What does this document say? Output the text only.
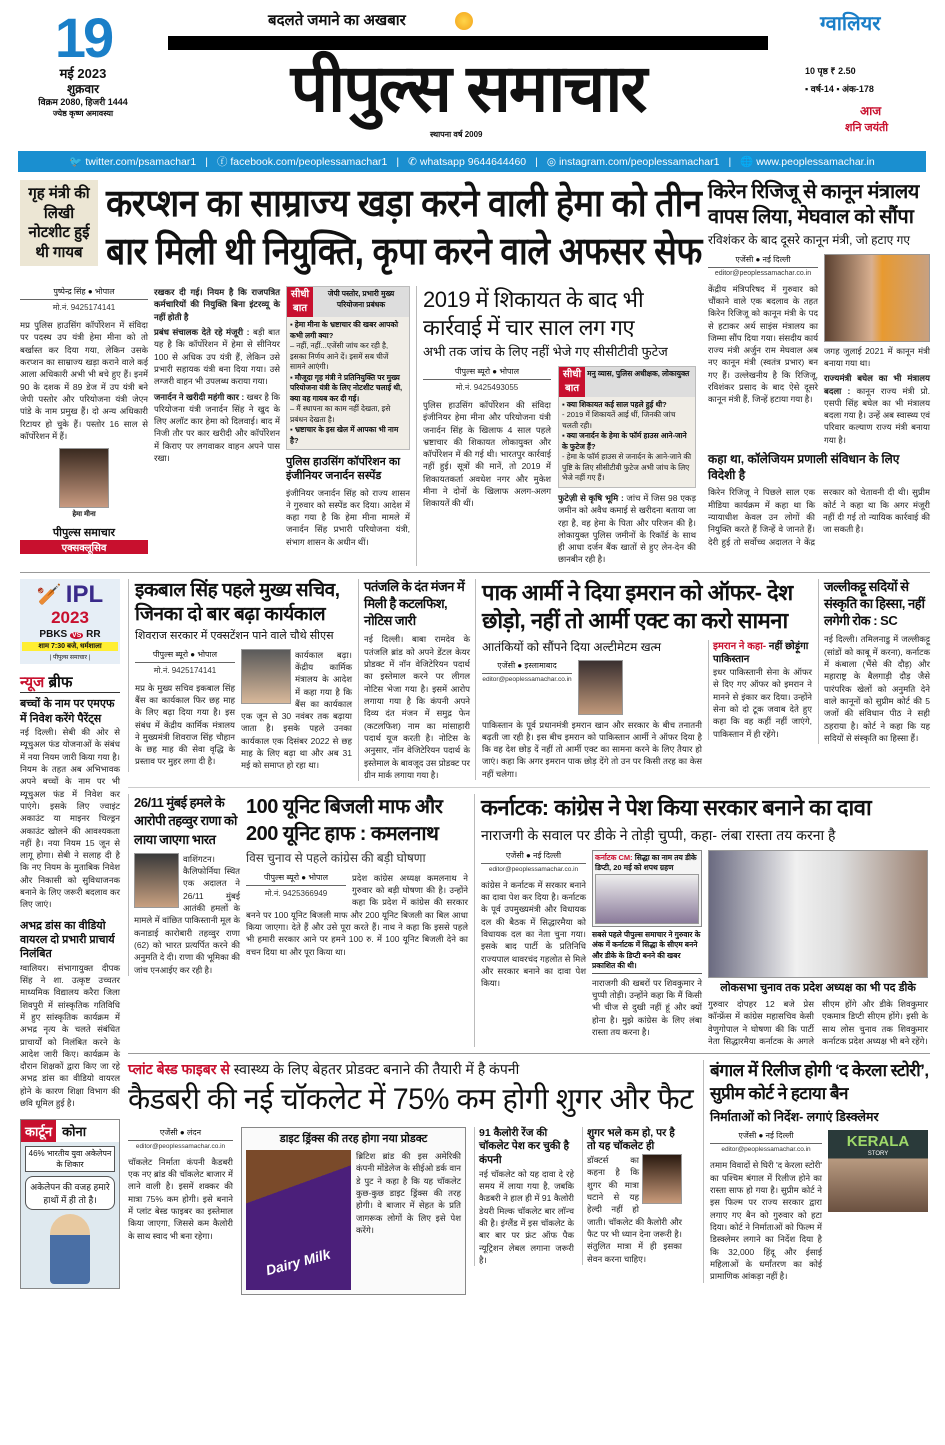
19
मई 2023
शुक्रवार
विक्रम 2080, हिजरी 1444
ज्येष्ठ कृष्ण अमावस्या
बदलते जमाने का अखबार
पीपुल्स समाचार
स्थापना वर्ष 2009
ग्वालियर
10 पृष्ठ ₹ 2.50
▪ वर्ष-14 ▪ अंक-178
आज
शनि जयंती
🐦 twitter.com/psamachar1 | ⓕ facebook.com/peoplessamachar1 | ✆ whatsapp 9644644460 | ◎ instagram.com/peoplessamachar1 | 🌐 www.peoplessamachar.in
गृह मंत्री की लिखी नोटशीट हुई थी गायब
करप्शन का साम्राज्य खड़ा करने वाली हेमा को तीन
बार मिली थी नियुक्ति, कृपा करने वाले अफसर सेफ
पुष्पेन्द्र सिंह ● भोपाल
मो.नं. 9425174141
मप्र पुलिस हाउसिंग कॉर्पोरेशन में संविदा पर पदस्थ उप यंत्री हेमा मीना को तो बर्खास्त कर दिया गया, लेकिन उसके करप्शन का साम्राज्य खड़ा कराने वाले कई आला अधिकारी अभी भी बचे हुए हैं। इनमें 90 के दशक में 89 डेज में उप यंत्री बने जेपी पस्तोर और परियोजना यंत्री जेएन पांडे के नाम प्रमुख हैं। दो अन्य अधिकारी रिटायर हो चुके हैं। पस्तोर 16 साल से कॉर्पोरेशन में हैं।
हेमा मीना
पीपुल्स समाचार
एक्सक्लूसिव
रखकर दी गई। नियम है कि राजपत्रित कर्मचारियों की नियुक्ति बिना इंटरव्यू के नहीं होती है
प्रबंध संचालक देते रहे मंजूरी : बड़ी बात यह है कि कॉर्पोरेशन में हेमा से सीनियर 100 से अधिक उप यंत्री हैं, लेकिन उसे प्रभारी सहायक यंत्री बना दिया गया। उसे लग्जरी वाहन भी उपलब्ध कराया गया।
जनार्दन ने खरीदी महंगी कार : खबर है कि परियोजना यंत्री जनार्दन सिंह ने खुद के लिए अलॉट कार हेमा को दिलवाई। बाद में निजी तौर पर कार खरीदी और कॉर्पोरेशन में किराए पर लगवाकर वाहन अपने पास रखा।
सीधी
बात
जेपी पस्तोर, प्रभारी मुख्य परियोजना प्रबंधक
▪ हेमा मीना के भ्रष्टाचार की खबर आपको कभी लगी क्या?
– नहीं, नहीं...एजेंसी जांच कर रही है, इसका निर्णय आने दें। इसमें सब चीजें सामने आएंगी।
▪ मौजूदा गृह मंत्री ने प्रतिनियुक्ति पर मुख्य परियोजना यंत्री के लिए नोटशीट चलाई थी, क्या वह गायब कर दी गई।
– मैं स्थापना का काम नहीं देखता, इसे प्रबंधन देखता है।
▪ भ्रष्टाचार के इस खेल में आपका भी नाम है?
पुलिस हाउसिंग कॉर्पोरेशन का इंजीनियर जनार्दन सस्पेंड
इंजीनियर जनार्दन सिंह को राज्य शासन ने गुरुवार को सस्पेंड कर दिया। आदेश में कहा गया है कि हेमा मीना मामले में जनार्दन सिंह प्रभारी परियोजना यंत्री, संभाग शासन के अधीन थीं।
2019 में शिकायत के बाद भी कार्रवाई में चार साल लग गए
अभी तक जांच के लिए नहीं भेजे गए सीसीटीवी फुटेज
पीपुल्स ब्यूरो ● भोपाल
मो.नं. 9425493055
पुलिस हाउसिंग कॉर्पोरेशन की संविदा इंजीनियर हेमा मीना और परियोजना यंत्री जनार्दन सिंह के खिलाफ 4 साल पहले भ्रष्टाचार की शिकायत लोकायुक्त और कॉर्पोरेशन में की गई थी। भारतपुर कार्रवाई नहीं हुई। सूत्रों की मानें, तो 2019 में शिकायतकर्ता अवधेश नगर और मुकेश मीना ने दोनों के खिलाफ अलग-अलग शिकायतें की थीं।
सीधी
बात
मनु व्यास, पुलिस अधीक्षक, लोकायुक्त
▪ क्या शिकायत कई साल पहले हुई थी?
- 2019 में शिकायतें आई थीं, जिनकी जांच चलती रही।
▪ क्या जनार्दन के हेमा के फॉर्म हाउस आने-जाने के फुटेज हैं?
- हेमा के फॉर्म हाउस से जनार्दन के आने-जाने की पुष्टि के लिए सीसीटीवी फुटेज अभी जांच के लिए भेजे नहीं गए हैं।
फुटेज़ी से कृषि भूमि : जांच में जिस 98 एकड़ जमीन को अवैध कमाई से खरीदना बताया जा रहा है, वह हेमा के पिता और परिजन की है। लोकायुक्त पुलिस जमीनों के रिकॉर्ड के साथ ही आधा दर्जन बैंक खातों से हुए लेन-देन की छानबीन रही है।
किरेन रिजिजू से कानून मंत्रालय वापस लिया, मेघवाल को सौंपा
रविशंकर के बाद दूसरे कानून मंत्री, जो हटाए गए
एजेंसी ● नई दिल्ली
editor@peoplessamachar.co.in
केंद्रीय मंत्रिपरिषद में गुरुवार को चौंकाने वाले एक बदलाव के तहत किरेन रिजिजू को कानून मंत्री के पद से हटाकर अर्थ साइंस मंत्रालय का जिम्मा सौंप दिया गया। संसदीय कार्य राज्य मंत्री अर्जुन राम मेघवाल अब नए कानून मंत्री (स्वतंत्र प्रभार) बन गए हैं। उल्लेखनीय है कि रिजिजू, रविशंकर प्रसाद के बाद ऐसे दूसरे कानून मंत्री हैं, जिन्हें हटाया गया है।
जगह जुलाई 2021 में कानून मंत्री बनाया गया था।
राज्यमंत्री बघेल का भी मंत्रालय बदला : कानून राज्य मंत्री प्रो. एसपी सिंह बघेल का भी मंत्रालय बदला गया है। उन्हें अब स्वास्थ्य एवं परिवार कल्याण राज्य मंत्री बनाया गया है।
कहा था, कॉलेजियम प्रणाली संविधान के लिए विदेशी है
किरेन रिजिजू ने पिछले साल एक मीडिया कार्यक्रम में कहा था कि न्यायाधीश केवल उन लोगों की नियुक्ति करते हैं जिन्हें वे जानते हैं। देरी हुई तो सर्वोच्च अदालत ने केंद्र सरकार को चेतावनी दी थी। सुप्रीम कोर्ट ने कहा था कि अगर मंजूरी नहीं दी गई तो न्यायिक कार्रवाई की जा सकती है।
🏏 IPL
2023
PBKS VS RR
शाम 7:30 बजे, धर्मशाला
| पीपुल्स समाचार |
न्यूज ब्रीफ
बच्चों के नाम पर एमएफ में निवेश करेंगे पैरेंट्स
नई दिल्ली। सेबी की ओर से म्यूचुअल फंड योजनाओं के संबंध में नया नियम जारी किया गया है। नियम के तहत अब अभिभावक अपने बच्चों के नाम पर भी म्यूचुअल फंड में निवेश कर पाएंगे। इसके लिए ज्वाइंट अकाउंट या माइनर चिल्ड्रन अकाउंट खोलने की आवश्यकता नहीं है। नया नियम 15 जून से लागू होगा। सेबी ने सलाह दी है कि नए नियम के मुताबिक निवेश और निकासी को सुविधाजनक बनाने के लिए जरूरी बदलाव कर लिए जाएं।
अभद्र डांस का वीडियो वायरल दो प्रभारी प्राचार्य निलंबित
ग्वालियर। संभागायुक्त दीपक सिंह ने शा. उत्कृष्ट उच्चतर माध्यमिक विद्यालय करैरा जिला शिवपुरी में सांस्कृतिक गतिविधि में हुए सांस्कृतिक कार्यक्रम में अभद्र नृत्य के चलते संबंधित प्राचार्यों को निलंबित करने के आदेश जारी किए। कार्यक्रम के दौरान शिक्षकों द्वारा किए जा रहे अभद्र डांस का वीडियो वायरल होने के कारण शिक्षा विभाग की छवि धूमिल हुई है।
कार्टून कोना
46% भारतीय युवा अकेलेपन के शिकार
अकेलेपन की वजह हमारे हाथों में ही तो है।
इकबाल सिंह पहले मुख्य सचिव, जिनका दो बार बढ़ा कार्यकाल
शिवराज सरकार में एक्सटेंशन पाने वाले चौथे सीएस
पीपुल्स ब्यूरो ● भोपाल
मो.नं. 9425174141
मप्र के मुख्य सचिव इकबाल सिंह बैंस का कार्यकाल फिर छह माह के लिए बढ़ा दिया गया है। इस संबंध में केंद्रीय कार्मिक मंत्रालय ने मुख्यमंत्री शिवराज सिंह चौहान के छह माह की सेवा वृद्धि के प्रस्ताव पर मुहर लगा दी है।
कार्यकाल बढ़ा। केंद्रीय कार्मिक मंत्रालय के आदेश में कहा गया है कि बैंस का कार्यकाल एक जून से 30 नवंबर तक बढ़ाया जाता है। इसके पहले उनका कार्यकाल एक दिसंबर 2022 से छह माह के लिए बढ़ा था और अब 31 मई को समाप्त हो रहा था।
पतंजलि के दंत मंजन में मिली है कटलफिश, नोटिस जारी
नई दिल्ली। बाबा रामदेव के पतंजलि ब्रांड को अपने डेंटल केयर प्रोडक्ट में नॉन वेजिटेरियन पदार्थ का इस्तेमाल करने पर लीगल नोटिस भेजा गया है। इसमें आरोप लगाया गया है कि कंपनी अपने दिव्य दंत मंजन में समुद्र फेन (कटलफिश) नाम का मांसाहारी पदार्थ यूज करती है। नोटिस के अनुसार, नॉन वेजिटेरियन पदार्थ के इस्तेमाल के बावजूद उस प्रोडक्ट पर ग्रीन मार्क लगाया गया है।
पाक आर्मी ने दिया इमरान को ऑफर- देश छोड़ो, नहीं तो आर्मी एक्ट का करो सामना
आतंकियों को सौंपने दिया अल्टीमेटम खत्म
एजेंसी ● इस्लामाबाद
editor@peoplessamachar.co.in
पाकिस्तान के पूर्व प्रधानमंत्री इमरान खान और सरकार के बीच तनातनी बढ़ती जा रही है। इस बीच इमरान को पाकिस्तान आर्मी ने ऑफर दिया है कि वह देश छोड़ दें नहीं तो आर्मी एक्ट का सामना करने के लिए तैयार हो जाएं। कहा कि अगर इमरान पाक छोड़ देंगे तो उन पर किसी तरह का केस नहीं चलेगा।
इमरान ने कहा- नहीं छोड़ूंगा पाकिस्तान
इधर पाकिस्तानी सेना के ऑफर से दिए गए ऑफर को इमरान ने मानने से इंकार कर दिया। उन्होंने सेना को दो टूक जवाब देते हुए कहा कि वह कहीं नहीं जाएंगे, पाकिस्तान में ही रहेंगे।
जल्लीकट्टू सदियों से संस्कृति का हिस्सा, नहीं लगेगी रोक : SC
नई दिल्ली। तमिलनाडु में जल्लीकट्टू (सांडों को काबू में करना), कर्नाटक में कंबाला (भैंसे की दौड़) और महाराष्ट्र के बैलगाड़ी दौड़ जैसे पारंपरिक खेलों को अनुमति देने वाले कानूनों को सुप्रीम कोर्ट की 5 जजों की संविधान पीठ ने सही ठहराया है। कोर्ट ने कहा कि यह सदियों से संस्कृति का हिस्सा हैं।
26/11 मुंबई हमले के आरोपी तहव्वुर राणा को लाया जाएगा भारत
वाशिंगटन। कैलिफोर्निया स्थित एक अदालत ने 26/11 मुंबई आतंकी हमलों के मामले में वांछित पाकिस्तानी मूल के कनाडाई कारोबारी तहव्वुर राणा (62) को भारत प्रत्यर्पित करने की अनुमति दे दी। राणा की भूमिका की जांच एनआईए कर रही है।
100 यूनिट बिजली माफ और 200 यूनिट हाफ : कमलनाथ
विस चुनाव से पहले कांग्रेस की बड़ी घोषणा
पीपुल्स ब्यूरो ● भोपाल
मो.नं. 9425366949
प्रदेश कांग्रेस अध्यक्ष कमलनाथ ने गुरुवार को बड़ी घोषणा की है। उन्होंने कहा कि प्रदेश में कांग्रेस की सरकार बनने पर 100 यूनिट बिजली माफ और 200 यूनिट बिजली का बिल आधा किया जाएगा। देते हैं और उसे पूरा करते हैं। नाथ ने कहा कि इससे पहले भी हमारी सरकार आने पर हमने 100 रु. में 100 यूनिट बिजली देने का वचन दिया था और पूरा किया था।
कर्नाटक: कांग्रेस ने पेश किया सरकार बनाने का दावा
नाराजगी के सवाल पर डीके ने तोड़ी चुप्पी, कहा- लंबा रास्ता तय करना है
एजेंसी ● नई दिल्ली
editor@peoplessamachar.co.in
कांग्रेस ने कर्नाटक में सरकार बनाने का दावा पेश कर दिया है। कर्नाटक के पूर्व उपमुख्यमंत्री और विधायक दल की बैठक में सिद्धारमैया को विधायक दल का नेता चुना गया। इसके बाद पार्टी के प्रतिनिधि राज्यपाल थावरचंद गहलोत से मिले और सरकार बनाने का दावा पेश किया।
कर्नाटक CM: सिद्धा का नाम तय डीके डिप्टी, 20 मई को शपथ ग्रहण
सबसे पहले पीपुल्स समाचार ने गुरुवार के अंक में कर्नाटक में सिद्धा के सीएम बनने और डीके के डिप्टी बनने की खबर प्रकाशित की थी।
नाराजगी की खबरों पर शिवकुमार ने चुप्पी तोड़ी। उन्होंने कहा कि मैं किसी भी चीज से दुखी नहीं हूं और क्यों होना है। मुझे कांग्रेस के लिए लंबा रास्ता तय करना है।
लोकसभा चुनाव तक प्रदेश अध्यक्ष का भी पद डीके
गुरुवार दोपहर 12 बजे प्रेस कॉन्फ्रेंस में कांग्रेस महासचिव केसी वेणुगोपाल ने घोषणा की कि पार्टी नेता सिद्धारमैया कर्नाटक के अगले सीएम होंगे और डीके शिवकुमार एकमात्र डिप्टी सीएम होंगे। इसी के साथ लोस चुनाव तक शिवकुमार कर्नाटक प्रदेश अध्यक्ष भी बने रहेंगे।
प्लांट बेस्ड फाइबर से स्वास्थ्य के लिए बेहतर प्रोडक्ट बनाने की तैयारी में है कंपनी
कैडबरी की नई चॉकलेट में 75% कम होगी शुगर और फैट
एजेंसी ● लंदन
editor@peoplessamachar.co.in
चॉकलेट निर्माता कंपनी कैडबरी एक नए ब्रांड की चॉकलेट बाजार में लाने वाली है। इसमें शक्कर की मात्रा 75% कम होगी। इसे बनाने में प्लांट बेस्ड फाइबर का इस्तेमाल किया जाएगा, जिससे कम कैलोरी के साथ स्वाद भी बना रहेगा।
डाइट ड्रिंक्स की तरह होगा नया प्रोडक्ट
Dairy Milk
ब्रिटिश ब्रांड की इस अमेरिकी कंपनी मोंडेलेज के सीईओ डर्क वान डे पुट ने कहा है कि यह चॉकलेट कुछ-कुछ डाइट ड्रिंक्स की तरह होगी। वे बाजार में सेहत के प्रति जागरूक लोगों के लिए इसे पेश करेंगे।
91 कैलोरी रेंज की चॉकलेट पेश कर चुकी है कंपनी
नई चॉकलेट को यह दावा दे रहे समय में लाया गया है, जबकि कैडबरी ने हाल ही में 91 कैलोरी डेयरी मिल्क चॉकलेट बार लॉन्च की है। इंग्लैंड में इस चॉकलेट के बार बार पर फ्रंट ऑफ पैक न्यूट्रिशन लेबल लगाना जरूरी है।
शुगर भले कम हो, पर है तो यह चॉकलेट ही
डॉक्टर्स का कहना है कि शुगर की मात्रा घटाने से यह हेल्दी नहीं हो जाती। चॉकलेट की कैलोरी और फैट पर भी ध्यान देना जरूरी है। संतुलित मात्रा में ही इसका सेवन करना चाहिए।
बंगाल में रिलीज होगी ‘द केरला स्टोरी’, सुप्रीम कोर्ट ने हटाया बैन
निर्माताओं को निर्देश- लगाएं डिस्क्लेमर
एजेंसी ● नई दिल्ली
editor@peoplessamachar.co.in
तमाम विवादों से घिरी 'द केरला स्टोरी' का पश्चिम बंगाल में रिलीज होने का रास्ता साफ हो गया है। सुप्रीम कोर्ट ने इस फिल्म पर राज्य सरकार द्वारा लगाए गए बैन को गुरुवार को हटा दिया। कोर्ट ने निर्माताओं को फिल्म में डिस्क्लेमर लगाने का निर्देश दिया है कि 32,000 हिंदू और ईसाई महिलाओं के धर्मांतरण का कोई प्रामाणिक आंकड़ा नहीं है।
KERALA
STORY
